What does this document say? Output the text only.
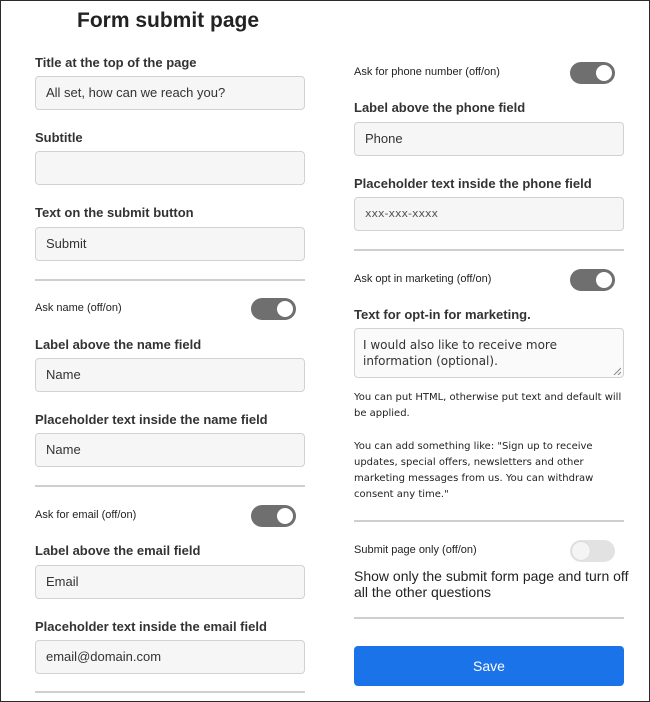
Form submit page
Title at the top of the page
All set, how can we reach you?
Subtitle
Text on the submit button
Submit
Ask name (off/on)
Label above the name field
Name
Placeholder text inside the name field
Name
Ask for email (off/on)
Label above the email field
Email
Placeholder text inside the email field
email@domain.com
Ask for phone number (off/on)
Label above the phone field
Phone
Placeholder text inside the phone field
xxx-xxx-xxxx
Ask opt in marketing (off/on)
Text for opt-in for marketing.
I would also like to receive more information (optional).
You can put HTML, otherwise put text and default will be applied.
You can add something like: "Sign up to receive updates, special offers, newsletters and other marketing messages from us. You can withdraw consent any time."
Submit page only (off/on)
Show only the submit form page and turn off all the other questions
Save
